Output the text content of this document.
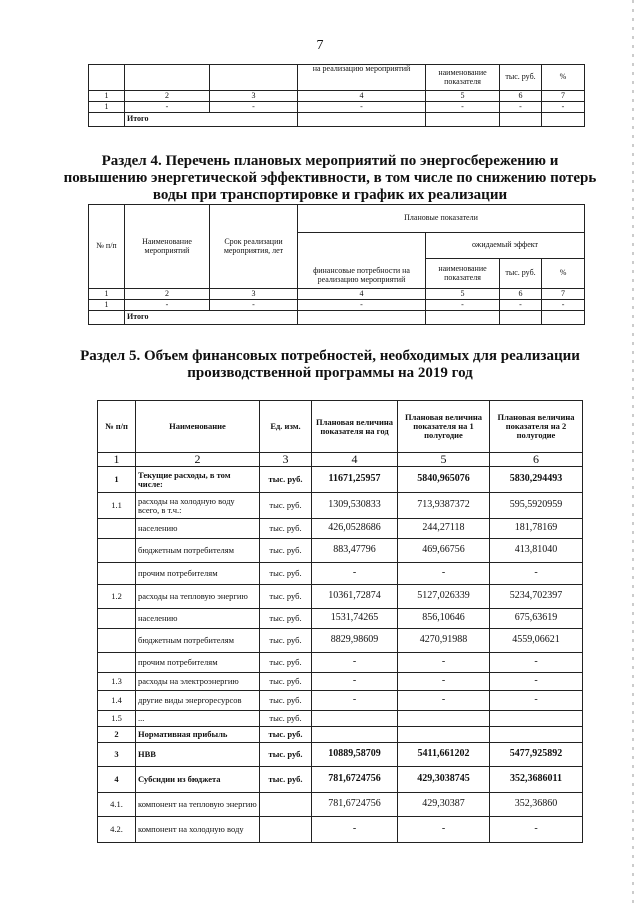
7
			на реализацию мероприятий	наименование показателя	тыс. руб.	%
1	2	3	4	5	6	7
1	-	-	-	-	-	-
	Итого					
Раздел 4. Перечень плановых мероприятий по энергосбережению и повышению энергетической эффективности, в том числе по снижению потерь воды при транспортировке и график их реализации
№ п/п	Наименование мероприятий	Срок реализации мероприятия, лет	Плановые показатели			
			финансовые потребности на реализацию мероприятий	ожидаемый эффект		
				наименование показателя	тыс. руб.	%
1	2	3	4	5	6	7
1	-	-	-	-	-	-
	Итого					
Раздел 5. Объем финансовых потребностей, необходимых для реализации производственной программы на 2019 год
№ п/п	Наименование	Ед. изм.	Плановая величина показателя на год	Плановая величина показателя на 1 полугодие	Плановая величина показателя на 2 полугодие
1	2	3	4	5	6
1	Текущие расходы, в том числе:	тыс. руб.	11671,25957	5840,965076	5830,294493
1.1	расходы на холодную воду всего, в т.ч.:	тыс. руб.	1309,530833	713,9387372	595,5920959
	населению	тыс. руб.	426,0528686	244,27118	181,78169
	бюджетным потребителям	тыс. руб.	883,47796	469,66756	413,81040
	прочим потребителям	тыс. руб.	-	-	-
1.2	расходы на тепловую энергию	тыс. руб.	10361,72874	5127,026339	5234,702397
	населению	тыс. руб.	1531,74265	856,10646	675,63619
	бюджетным потребителям	тыс. руб.	8829,98609	4270,91988	4559,06621
	прочим потребителям	тыс. руб.	-	-	-
1.3	расходы на электроэнергию	тыс. руб.	-	-	-
1.4	другие виды энергоресурсов	тыс. руб.	-	-	-
1.5	...	тыс. руб.			
2	Нормативная прибыль	тыс. руб.			
3	НВВ	тыс. руб.	10889,58709	5411,661202	5477,925892
4	Субсидии из бюджета	тыс. руб.	781,6724756	429,3038745	352,3686011
4.1.	компонент на тепловую энергию		781,6724756	429,30387	352,36860
4.2.	компонент на холодную воду		-	-	-
